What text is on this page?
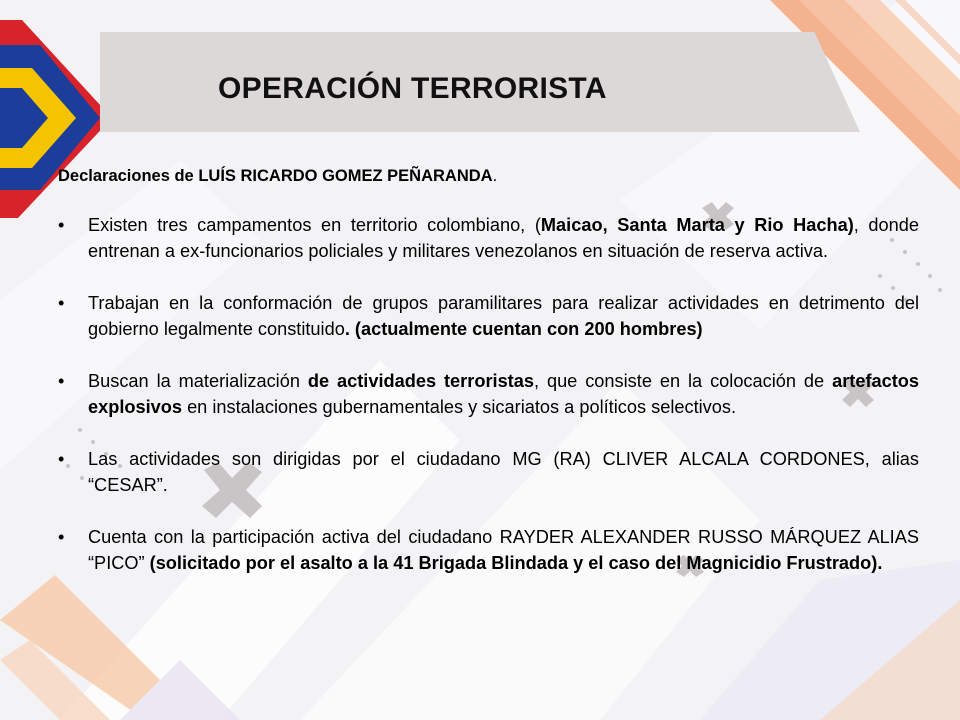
OPERACIÓN TERRORISTA

Declaraciones de LUÍS RICARDO GOMEZ PEÑARANDA.

• Existen tres campamentos en territorio colombiano, (Maicao, Santa Marta y Rio Hacha), donde entrenan a ex-funcionarios policiales y militares venezolanos en situación de reserva activa.
• Trabajan en la conformación de grupos paramilitares para realizar actividades en detrimento del gobierno legalmente constituido. (actualmente cuentan con 200 hombres)
• Buscan la materialización de actividades terroristas, que consiste en la colocación de artefactos explosivos en instalaciones gubernamentales y sicariatos a políticos selectivos.
• Las actividades son dirigidas por el ciudadano MG (RA) CLIVER ALCALA CORDONES, alias “CESAR”.
• Cuenta con la participación activa del ciudadano RAYDER ALEXANDER RUSSO MÁRQUEZ ALIAS “PICO” (solicitado por el asalto a la 41 Brigada Blindada y el caso del Magnicidio Frustrado).
